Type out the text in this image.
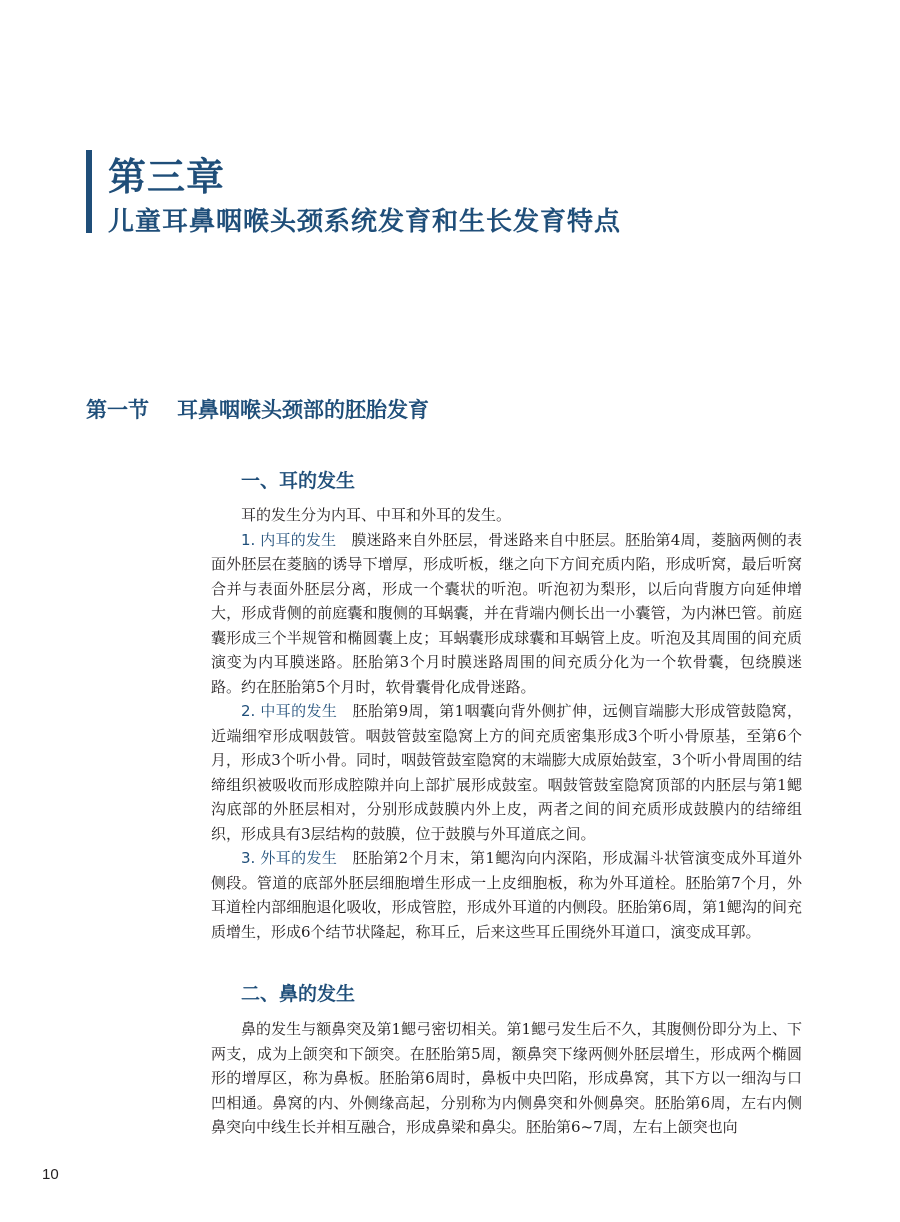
第三章
儿童耳鼻咽喉头颈系统发育和生长发育特点
第一节 耳鼻咽喉头颈部的胚胎发育
一、耳的发生

耳的发生分为内耳、中耳和外耳的发生。

1. 内耳的发生 膜迷路来自外胚层，骨迷路来自中胚层。胚胎第4周，菱脑两侧的表面外胚层在菱脑的诱导下增厚，形成听板，继之向下方间充质内陷，形成听窝，最后听窝合并与表面外胚层分离，形成一个囊状的听泡。听泡初为梨形，以后向背腹方向延伸增大，形成背侧的前庭囊和腹侧的耳蜗囊，并在背端内侧长出一小囊管，为内淋巴管。前庭囊形成三个半规管和椭圆囊上皮；耳蜗囊形成球囊和耳蜗管上皮。听泡及其周围的间充质演变为内耳膜迷路。胚胎第3个月时膜迷路周围的间充质分化为一个软骨囊，包绕膜迷路。约在胚胎第5个月时，软骨囊骨化成骨迷路。

2. 中耳的发生 胚胎第9周，第1咽囊向背外侧扩伸，远侧盲端膨大形成管鼓隐窝，近端细窄形成咽鼓管。咽鼓管鼓室隐窝上方的间充质密集形成3个听小骨原基，至第6个月，形成3个听小骨。同时，咽鼓管鼓室隐窝的末端膨大成原始鼓室，3个听小骨周围的结缔组织被吸收而形成腔隙并向上部扩展形成鼓室。咽鼓管鼓室隐窝顶部的内胚层与第1鳃沟底部的外胚层相对，分别形成鼓膜内外上皮，两者之间的间充质形成鼓膜内的结缔组织，形成具有3层结构的鼓膜，位于鼓膜与外耳道底之间。

3. 外耳的发生 胚胎第2个月末，第1鳃沟向内深陷，形成漏斗状管演变成外耳道外侧段。管道的底部外胚层细胞增生形成一上皮细胞板，称为外耳道栓。胚胎第7个月，外耳道栓内部细胞退化吸收，形成管腔，形成外耳道的内侧段。胚胎第6周，第1鳃沟的间充质增生，形成6个结节状隆起，称耳丘，后来这些耳丘围绕外耳道口，演变成耳郭。

二、鼻的发生

鼻的发生与额鼻突及第1鳃弓密切相关。第1鳃弓发生后不久，其腹侧份即分为上、下两支，成为上颌突和下颌突。在胚胎第5周，额鼻突下缘两侧外胚层增生，形成两个椭圆形的增厚区，称为鼻板。胚胎第6周时，鼻板中央凹陷，形成鼻窝，其下方以一细沟与口凹相通。鼻窝的内、外侧缘高起，分别称为内侧鼻突和外侧鼻突。胚胎第6周，左右内侧鼻突向中线生长并相互融合，形成鼻梁和鼻尖。胚胎第6~7周，左右上颌突也向

10
